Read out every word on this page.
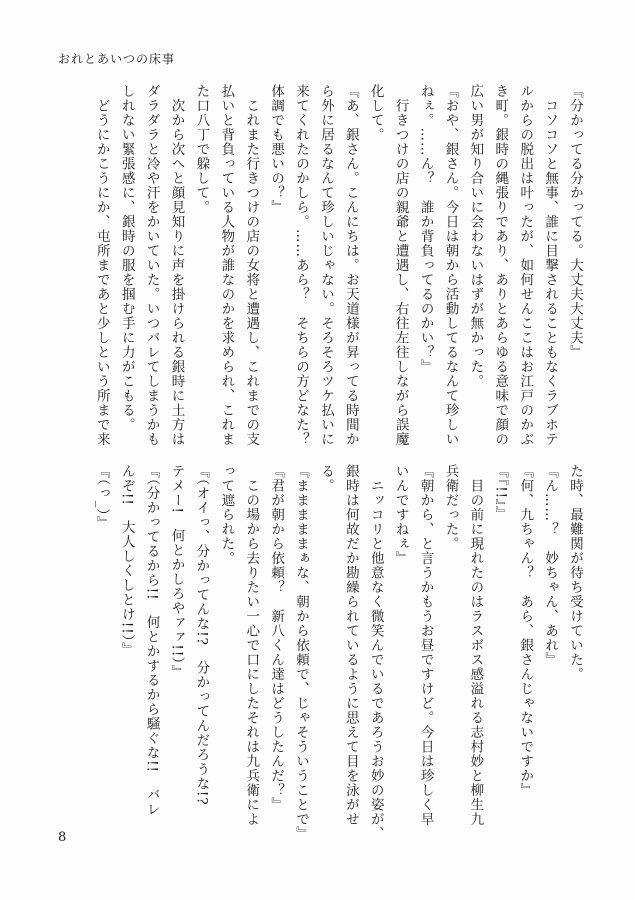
おれとあいつの床事
『分かってる分かってる。大丈夫大丈夫』
　コソコソと無事、誰に目撃されることもなくラブホテ
ルからの脱出は叶ったが、如何せんここはお江戸のかぶ
き町。銀時の縄張りであり、ありとあらゆる意味で顔の
広い男が知り合いに会わないはずが無かった。
『おや、銀さん。今日は朝から活動してるなんて珍しい
ねぇ。……ん？　誰か背負ってるのかい？』
　行きつけの店の親爺と遭遇し、右往左往しながら誤魔
化して。
『あ、銀さん。こんにちは。お天道様が昇ってる時間か
ら外に居るなんて珍しいじゃない。そろそろツケ払いに
来てくれたのかしら。……あら？　そちらの方どなた？
体調でも悪いの？』
　これまた行きつけの店の女将と遭遇し、これまでの支
払いと背負っている人物が誰なのかを求められ、これま
た口八丁で躱して。
　次から次へと顔見知りに声を掛けられる銀時に土方は
ダラダラと冷や汗をかいていた。いつバレてしまうかも
しれない緊張感に、銀時の服を掴む手に力がこもる。
　どうにかこうにか、屯所まであと少しという所まで来
た時、最難関が待ち受けていた。
『ん……？　妙ちゃん、あれ』
『何、九ちゃん？　あら、銀さんじゃないですか』
『『!!』』
　目の前に現れたのはラスボス感溢れる志村妙と柳生九
兵衛だった。
『朝から、と言うかもうお昼ですけど。今日は珍しく早
いんですねぇ』
　ニッコリと他意なく微笑んでいるであろうお妙の姿が、
銀時は何故だか勘繰られているように思えて目を泳がせ
る。
『まままままぁな、朝から依頼で、じゃそういうことで』
『君が朝から依頼？　新八くん達はどうしたんだ？』
　この場から去りたい一心で口にしたそれは九兵衛によ
って遮られた。
『（オイっ、分かってんな!?　分かってんだろうな!?
テメー!　何とかしろやァァ!!）』
『（分かってるから!!　何とかするから騒ぐな!!　バレ
んぞ!!　大人しくしとけ!!）』
『（っ_）』
8
